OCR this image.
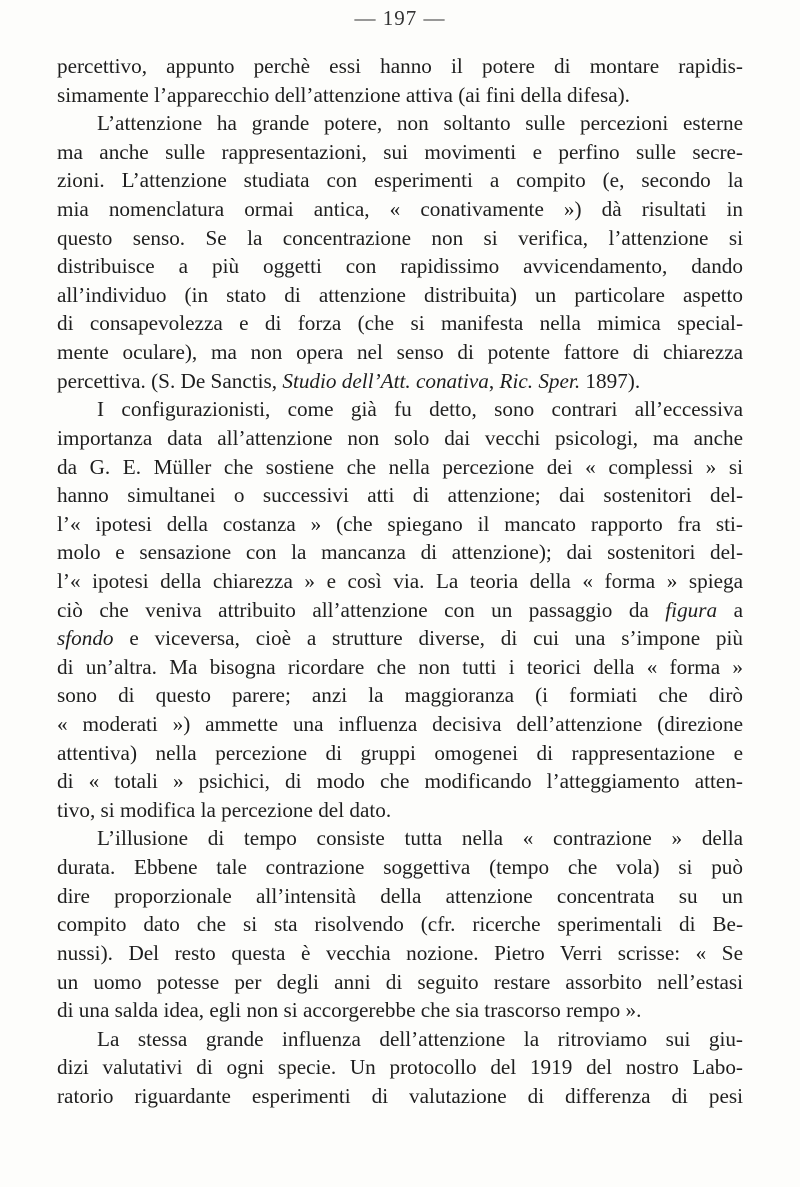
— 197 —
percettivo, appunto perchè essi hanno il potere di montare rapidis-
simamente l’apparecchio dell’attenzione attiva (ai fini della difesa).
L’attenzione ha grande potere, non soltanto sulle percezioni esterne
ma anche sulle rappresentazioni, sui movimenti e perfino sulle secre-
zioni. L’attenzione studiata con esperimenti a compito (e, secondo la
mia nomenclatura ormai antica, « conativamente ») dà risultati in
questo senso. Se la concentrazione non si verifica, l’attenzione si
distribuisce a più oggetti con rapidissimo avvicendamento, dando
all’individuo (in stato di attenzione distribuita) un particolare aspetto
di consapevolezza e di forza (che si manifesta nella mimica special-
mente oculare), ma non opera nel senso di potente fattore di chiarezza
percettiva. (S. De Sanctis, Studio dell’Att. conativa, Ric. Sper. 1897).
I configurazionisti, come già fu detto, sono contrari all’eccessiva
importanza data all’attenzione non solo dai vecchi psicologi, ma anche
da G. E. Müller che sostiene che nella percezione dei « complessi » si
hanno simultanei o successivi atti di attenzione; dai sostenitori del-
l’« ipotesi della costanza » (che spiegano il mancato rapporto fra sti-
molo e sensazione con la mancanza di attenzione); dai sostenitori del-
l’« ipotesi della chiarezza » e così via. La teoria della « forma » spiega
ciò che veniva attribuito all’attenzione con un passaggio da figura a
sfondo e viceversa, cioè a strutture diverse, di cui una s’impone più
di un’altra. Ma bisogna ricordare che non tutti i teorici della « forma »
sono di questo parere; anzi la maggioranza (i formiati che dirò
« moderati ») ammette una influenza decisiva dell’attenzione (direzione
attentiva) nella percezione di gruppi omogenei di rappresentazione e
di « totali » psichici, di modo che modificando l’atteggiamento atten-
tivo, si modifica la percezione del dato.
L’illusione di tempo consiste tutta nella « contrazione » della
durata. Ebbene tale contrazione soggettiva (tempo che vola) si può
dire proporzionale all’intensità della attenzione concentrata su un
compito dato che si sta risolvendo (cfr. ricerche sperimentali di Be-
nussi). Del resto questa è vecchia nozione. Pietro Verri scrisse: « Se
un uomo potesse per degli anni di seguito restare assorbito nell’estasi
di una salda idea, egli non si accorgerebbe che sia trascorso rempo ».
La stessa grande influenza dell’attenzione la ritroviamo sui giu-
dizi valutativi di ogni specie. Un protocollo del 1919 del nostro Labo-
ratorio riguardante esperimenti di valutazione di differenza di pesi
